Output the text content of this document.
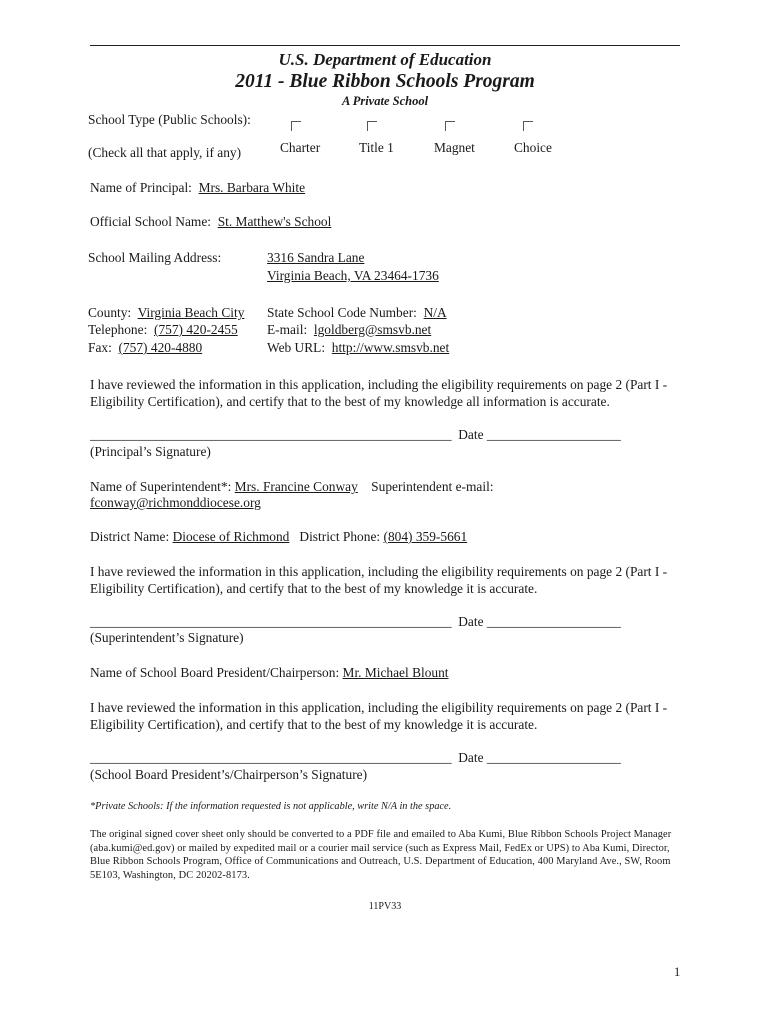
U.S. Department of Education
2011 - Blue Ribbon Schools Program
A Private School
School Type (Public Schools):
(Check all that apply, if any)	Charter	Title 1	Magnet	Choice
Name of Principal: Mrs. Barbara White
Official School Name: St. Matthew's School
School Mailing Address:	3316 Sandra Lane
Virginia Beach, VA 23464-1736
County: Virginia Beach City State School Code Number: N/A
Telephone: (757) 420-2455 E-mail: lgoldberg@smsvb.net
Fax: (757) 420-4880	Web URL: http://www.smsvb.net
I have reviewed the information in this application, including the eligibility requirements on page 2 (Part I - Eligibility Certification), and certify that to the best of my knowledge all information is accurate.
______________________________________________________ Date ____________________
(Principal’s Signature)
Name of Superintendent*: Mrs. Francine Conway Superintendent e-mail:
fconway@richmonddiocese.org
District Name: Diocese of Richmond District Phone: (804) 359-5661
I have reviewed the information in this application, including the eligibility requirements on page 2 (Part I - Eligibility Certification), and certify that to the best of my knowledge it is accurate.
______________________________________________________ Date ____________________
(Superintendent’s Signature)
Name of School Board President/Chairperson: Mr. Michael Blount
I have reviewed the information in this application, including the eligibility requirements on page 2 (Part I - Eligibility Certification), and certify that to the best of my knowledge it is accurate.
______________________________________________________ Date ____________________
(School Board President’s/Chairperson’s Signature)
*Private Schools: If the information requested is not applicable, write N/A in the space.
The original signed cover sheet only should be converted to a PDF file and emailed to Aba Kumi, Blue Ribbon Schools Project Manager (aba.kumi@ed.gov) or mailed by expedited mail or a courier mail service (such as Express Mail, FedEx or UPS) to Aba Kumi, Director, Blue Ribbon Schools Program, Office of Communications and Outreach, U.S. Department of Education, 400 Maryland Ave., SW, Room 5E103, Washington, DC 20202-8173.
11PV33
1
